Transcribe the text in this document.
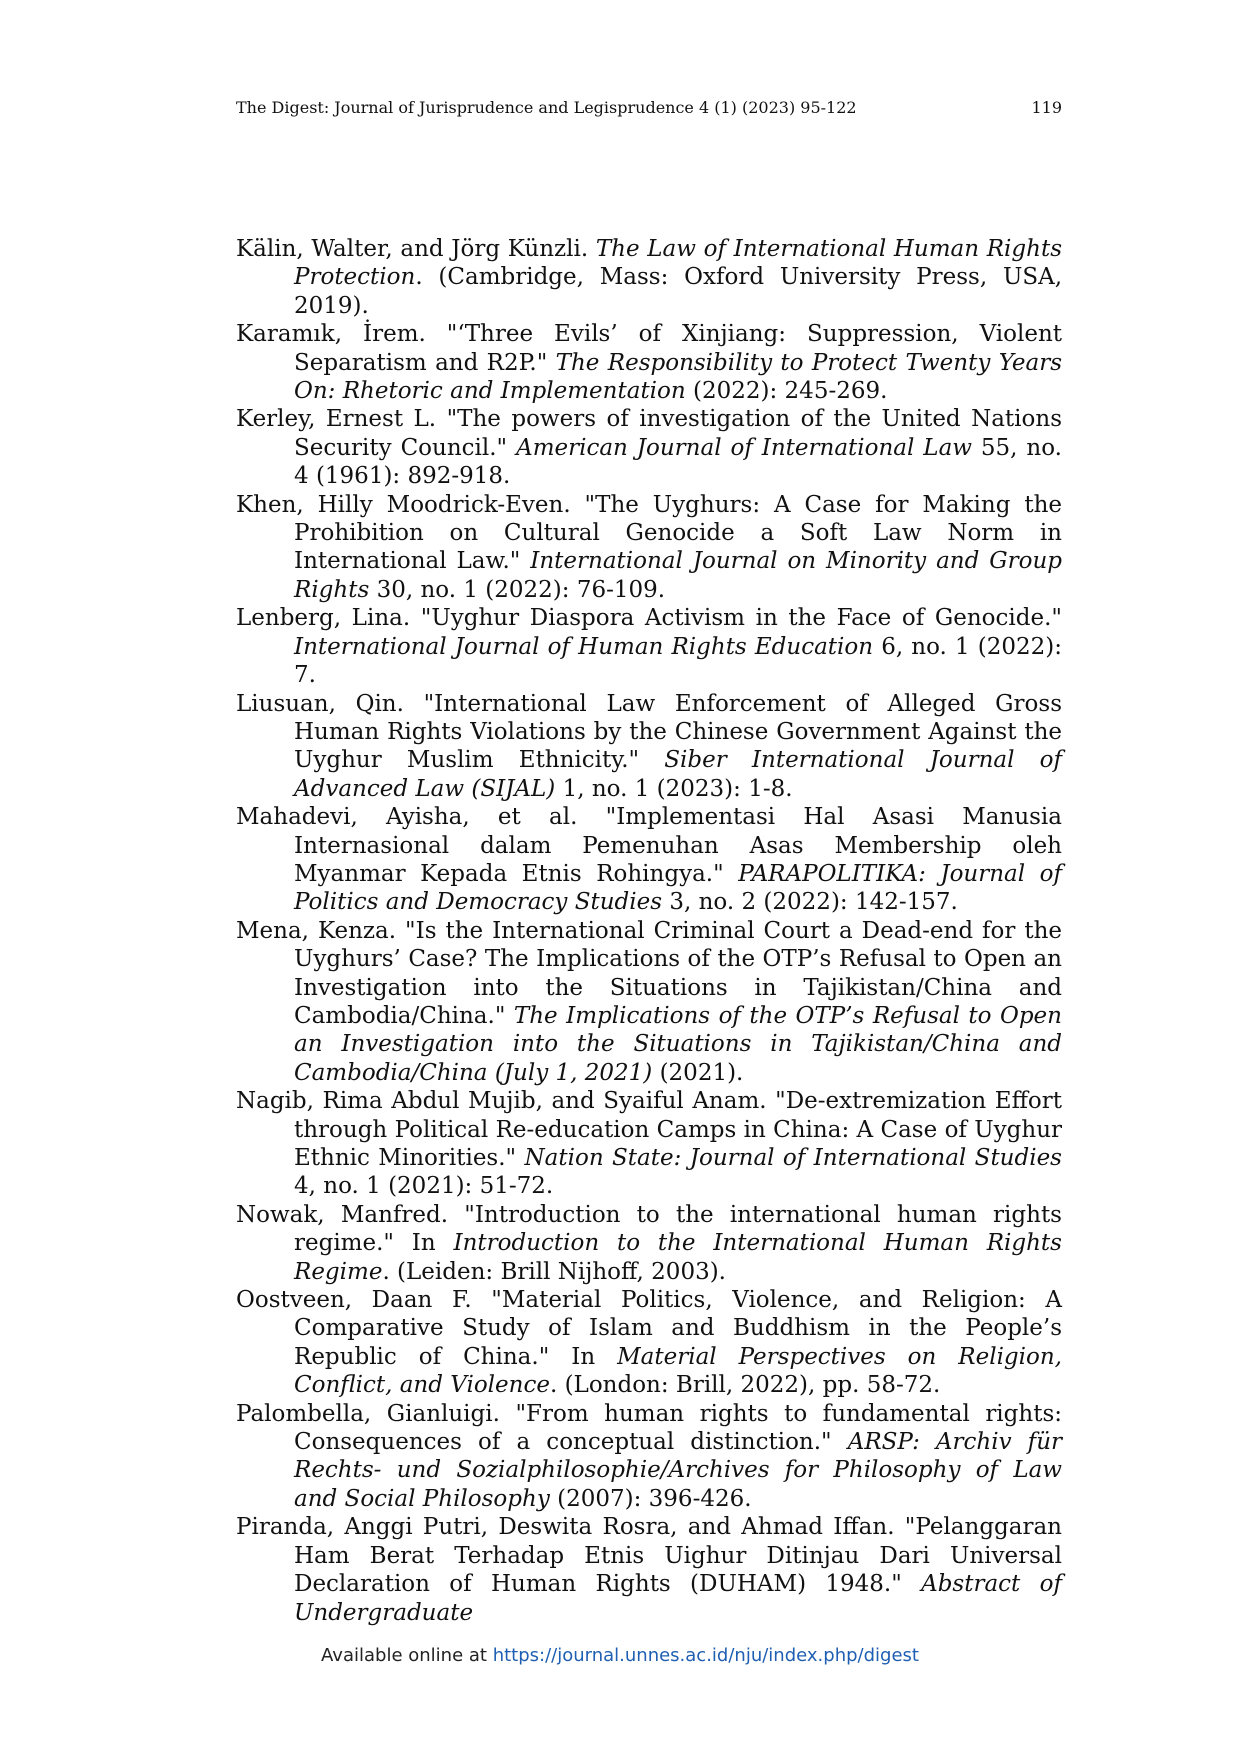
The Digest: Journal of Jurisprudence and Legisprudence 4 (1) (2023) 95-122	119

Kälin, Walter, and Jörg Künzli. The Law of International Human Rights Protection. (Cambridge, Mass: Oxford University Press, USA, 2019).

Karamık, İrem. "‘Three Evils’ of Xinjiang: Suppression, Violent Separatism and R2P." The Responsibility to Protect Twenty Years On: Rhetoric and Implementation (2022): 245-269.

Kerley, Ernest L. "The powers of investigation of the United Nations Security Council." American Journal of International Law 55, no. 4 (1961): 892-918.

Khen, Hilly Moodrick-Even. "The Uyghurs: A Case for Making the Prohibition on Cultural Genocide a Soft Law Norm in International Law." International Journal on Minority and Group Rights 30, no. 1 (2022): 76-109.

Lenberg, Lina. "Uyghur Diaspora Activism in the Face of Genocide." International Journal of Human Rights Education 6, no. 1 (2022): 7.

Liusuan, Qin. "International Law Enforcement of Alleged Gross Human Rights Violations by the Chinese Government Against the Uyghur Muslim Ethnicity." Siber International Journal of Advanced Law (SIJAL) 1, no. 1 (2023): 1-8.

Mahadevi, Ayisha, et al. "Implementasi Hal Asasi Manusia Internasional dalam Pemenuhan Asas Membership oleh Myanmar Kepada Etnis Rohingya." PARAPOLITIKA: Journal of Politics and Democracy Studies 3, no. 2 (2022): 142-157.

Mena, Kenza. "Is the International Criminal Court a Dead-end for the Uyghurs’ Case? The Implications of the OTP’s Refusal to Open an Investigation into the Situations in Tajikistan/China and Cambodia/China." The Implications of the OTP’s Refusal to Open an Investigation into the Situations in Tajikistan/China and Cambodia/China (July 1, 2021) (2021).

Nagib, Rima Abdul Mujib, and Syaiful Anam. "De-extremization Effort through Political Re-education Camps in China: A Case of Uyghur Ethnic Minorities." Nation State: Journal of International Studies 4, no. 1 (2021): 51-72.

Nowak, Manfred. "Introduction to the international human rights regime." In Introduction to the International Human Rights Regime. (Leiden: Brill Nijhoff, 2003).

Oostveen, Daan F. "Material Politics, Violence, and Religion: A Comparative Study of Islam and Buddhism in the People’s Republic of China." In Material Perspectives on Religion, Conflict, and Violence. (London: Brill, 2022), pp. 58-72.

Palombella, Gianluigi. "From human rights to fundamental rights: Consequences of a conceptual distinction." ARSP: Archiv für Rechts- und Sozialphilosophie/Archives for Philosophy of Law and Social Philosophy (2007): 396-426.

Piranda, Anggi Putri, Deswita Rosra, and Ahmad Iffan. "Pelanggaran Ham Berat Terhadap Etnis Uighur Ditinjau Dari Universal Declaration of Human Rights (DUHAM) 1948." Abstract of Undergraduate

Available online at https://journal.unnes.ac.id/nju/index.php/digest
